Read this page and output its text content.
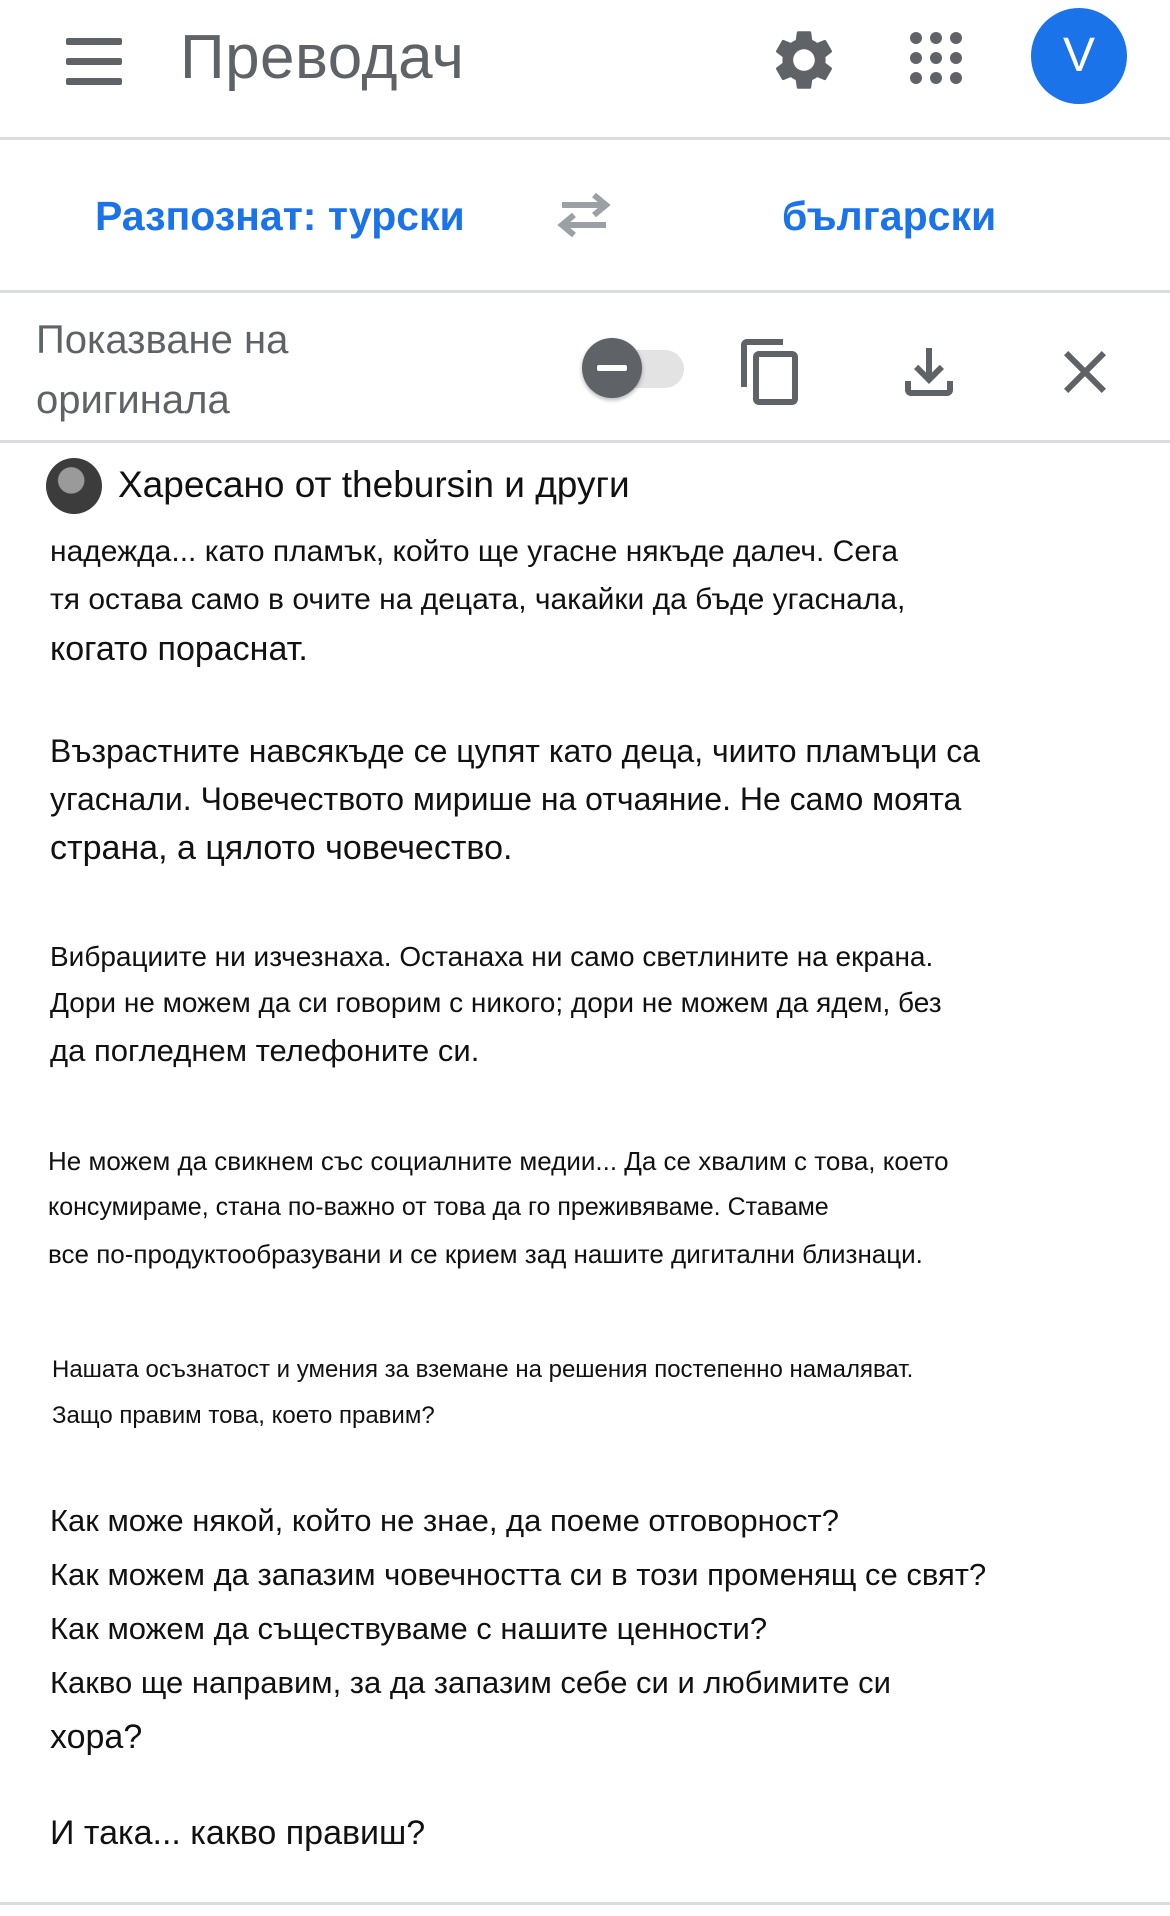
Преводач	V
Разпознат: турски	български
Показване на
оригинала
Харесано от thebursin и други
надежда... като пламък, който ще угасне някъде далеч. Сега
тя остава само в очите на децата, чакайки да бъде угаснала,
когато пораснат.
Възрастните навсякъде се цупят като деца, чиито пламъци са
угаснали. Човечеството мирише на отчаяние. Не само моята
страна, а цялото човечество.
Вибрациите ни изчезнаха. Останаха ни само светлините на екрана.
Дори не можем да си говорим с никого; дори не можем да ядем, без
да погледнем телефоните си.
Не можем да свикнем със социалните медии... Да се хвалим с това, което
консумираме, стана по-важно от това да го преживяваме. Ставаме
все по-продуктообразувани и се крием зад нашите дигитални близнаци.
Нашата осъзнатост и умения за вземане на решения постепенно намаляват.
Защо правим това, което правим?
Как може някой, който не знае, да поеме отговорност?
Как можем да запазим човечността си в този променящ се свят?
Как можем да съществуваме с нашите ценности?
Какво ще направим, за да запазим себе си и любимите си
хора?
И така... какво правиш?
